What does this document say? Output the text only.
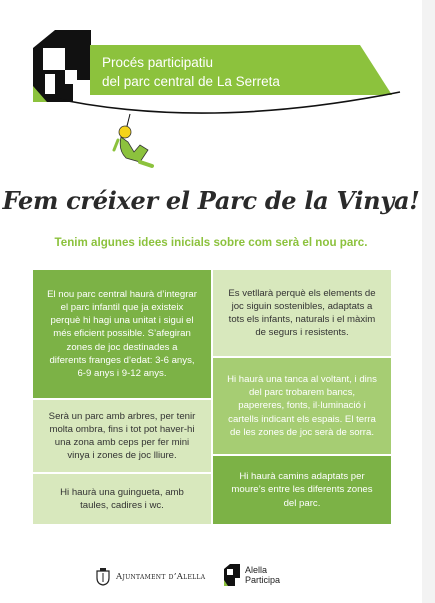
Procés participatiu
del parc central de La Serreta
Fem créixer el Parc de la Vinya!
Tenim algunes idees inicials sobre com serà el nou parc.
El nou parc central haurà d’integrar el parc infantil que ja existeix perquè hi hagi una unitat i sigui el més eficient possible. S’afegiran zones de joc destinades a diferents franges d’edat: 3-6 anys, 6-9 anys i 9-12 anys.
Es vetllarà perquè els elements de joc siguin sostenibles, adaptats a tots els infants, naturals i el màxim de segurs i resistents.
Hi haurà una tanca al voltant, i dins del parc trobarem bancs, papereres, fonts, il·luminació i cartells indicant els espais. El terra de les zones de joc serà de sorra.
Serà un parc amb arbres, per tenir molta ombra, fins i tot pot haver-hi una zona amb ceps per fer mini vinya i zones de joc lliure.
Hi haurà una guingueta, amb taules, cadires i wc.
Hi haurà camins adaptats per moure’s entre les diferents zones del parc.
Ajuntament d’Alella
Alella
Participa
